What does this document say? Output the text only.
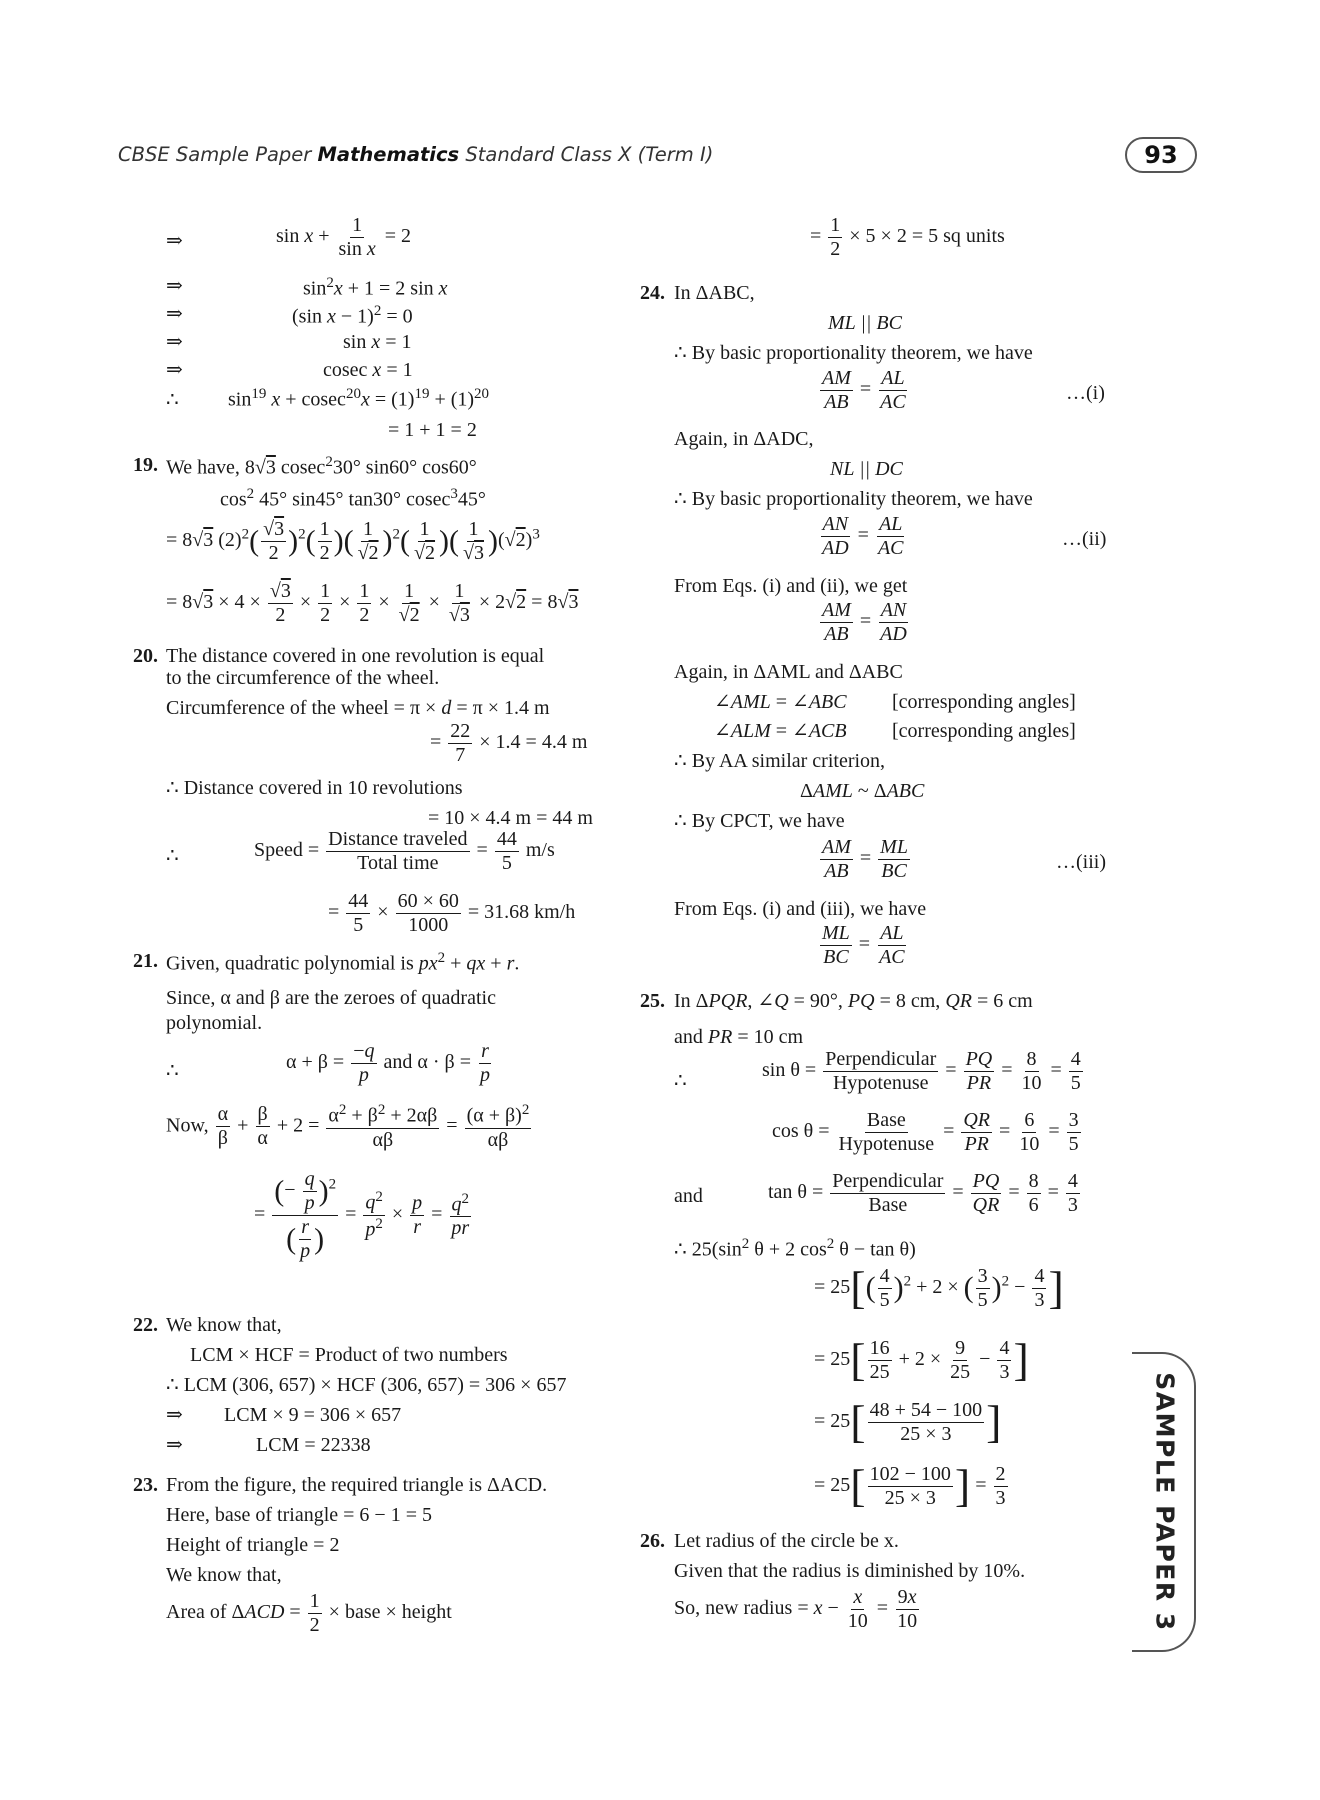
CBSE Sample Paper Mathematics Standard Class X (Term I)	93
SAMPLE PAPER 3
⇒	$\sin x + \frac{1}{\text{sin x}} = 2$
⇒	$\sin^2x + 1 = 2$ sin x
⇒	(sin x − 1)$^2$ = 0
⇒	sin x = 1
⇒	cosec x = 1
∴ $\sin^{19} x + cosec^{20}x = (1)^{19} + (1)^{20}$
= 1 + 1 = 2
19. We have, 8√3 cosec$^2$30° sin60° cos60°
$\cos^2 45^\circ$ sin45° tan30° cosec$^3$45°
= 8√3 $(2)^2( \frac{√3}{2} )^2( \frac{1}{2}$ )( $\frac{1}{√2} )^2( \frac{1}{√2}$ )( $\frac{1}{√3} )(√2)^3$
= $8√3 \times 4 \times \frac{√3}{2} \times \frac{1}{2} \times \frac{1}{2} \times \frac{1}{√2} \times \frac{1}{√3} \times 2√2 = 8√3$
20. The distance covered in one revolution is equal
to the circumference of the wheel.
Circumference of the wheel = π × d = π × 1.4 m
= $\frac{22}{7} \times 1.4 = 4.4$ m
∴ Distance covered in 10 revolutions
= 10 × 4.4 m = 44 m
∴	Speed =
Distance traveled
Total time
= $\frac{44}{5} m/s$
= $\frac{44}{5} \times \frac{60 \times 60}{1000} = 31.68$ km/h
21. Given, quadratic polynomial is $px^2$ + qx + r.
Since, α and β are the zeroes of quadratic
polynomial.
∴	$\alpha + \beta = \frac{-q}{p}$ and $\alpha \cdot \beta = \frac{r}{p}$
Now, $\frac{\alpha}{\beta} + \frac{\beta}{\alpha} + 2 = \frac{\alpha^2 + \beta^2 + 2\alpha\beta}{\alpha\beta} = \frac{(\alpha + \beta)^2}{\alpha\beta}$
= $\frac{(- \frac{q}{p} )^2}{( \frac{r}{p} )} = \frac{q^2}{p^2} \times \frac{p}{r} = \frac{q^2}{pr}$
22. We know that,
LCM × HCF = Product of two numbers
∴ LCM (306, 657) × HCF (306, 657) = 306 × 657
⇒ LCM × 9 = 306 × 657
⇒	LCM = 22338
23. From the figure, the required triangle is ΔACD.
Here, base of triangle = 6 − 1 = 5
Height of triangle = 2
We know that,
Area of $\Delta ACD = \frac{1}{2}$ × base × height
= $\frac{1}{2} \times 5 \times 2 = 5$ sq units
24. In ΔABC,
ML || BC
∴ By basic proportionality theorem, we have
$\frac{AM}{AB} = \frac{AL}{AC}$	…(i)
Again, in ΔADC,
NL || DC
∴ By basic proportionality theorem, we have
$\frac{AN}{AD} = \frac{AL}{AC}$	…(ii)
From Eqs. (i) and (ii), we get
$\frac{AM}{AB} = \frac{AN}{AD}$
Again, in ΔAML and ΔABC
∠AML = ∠ABC [corresponding angles]
∠ALM = ∠ACB [corresponding angles]
∴ By AA similar criterion,
ΔAML ~ ΔABC
∴ By CPCT, we have
$\frac{AM}{AB} = \frac{ML}{BC}$	…(iii)
From Eqs. (i) and (iii), we have
$\frac{ML}{BC} = \frac{AL}{AC}$
25. In ΔPQR, ∠Q = 90°, PQ = 8 cm, QR = 6 cm
and PR = 10 cm
∴	sin θ =
Perpendicular
Hypotenuse
= $\frac{PQ}{PR} = \frac{8}{10} = \frac{4}{5}$
cos θ =
Base
Hypotenuse
= $\frac{QR}{PR} = \frac{6}{10} = \frac{3}{5}$
and	tan θ =
Perpendicular
Base
= $\frac{PQ}{QR} = \frac{8}{6} = \frac{4}{3}$
∴ $25(\sin^2$ θ + 2 $\cos^2 \theta - \tan \theta$)
= $25[( \frac{4}{5} )^2 + 2$ × ( $\frac{3}{5} )^2 - \frac{4}{3}$ ]
= $25[ \frac{16}{25} + 2 \times \frac{9}{25} - \frac{4}{3}$ ]
= $25[ \frac{48 + 54 - 100}{25 \times 3}$ ]
= $25[ \frac{102 - 100}{25 \times 3}$ ] = $\frac{2}{3}$
26. Let radius of the circle be x.
Given that the radius is diminished by 10%.
So, new radius = $x - \frac{x}{10} = \frac{9x}{10}$
